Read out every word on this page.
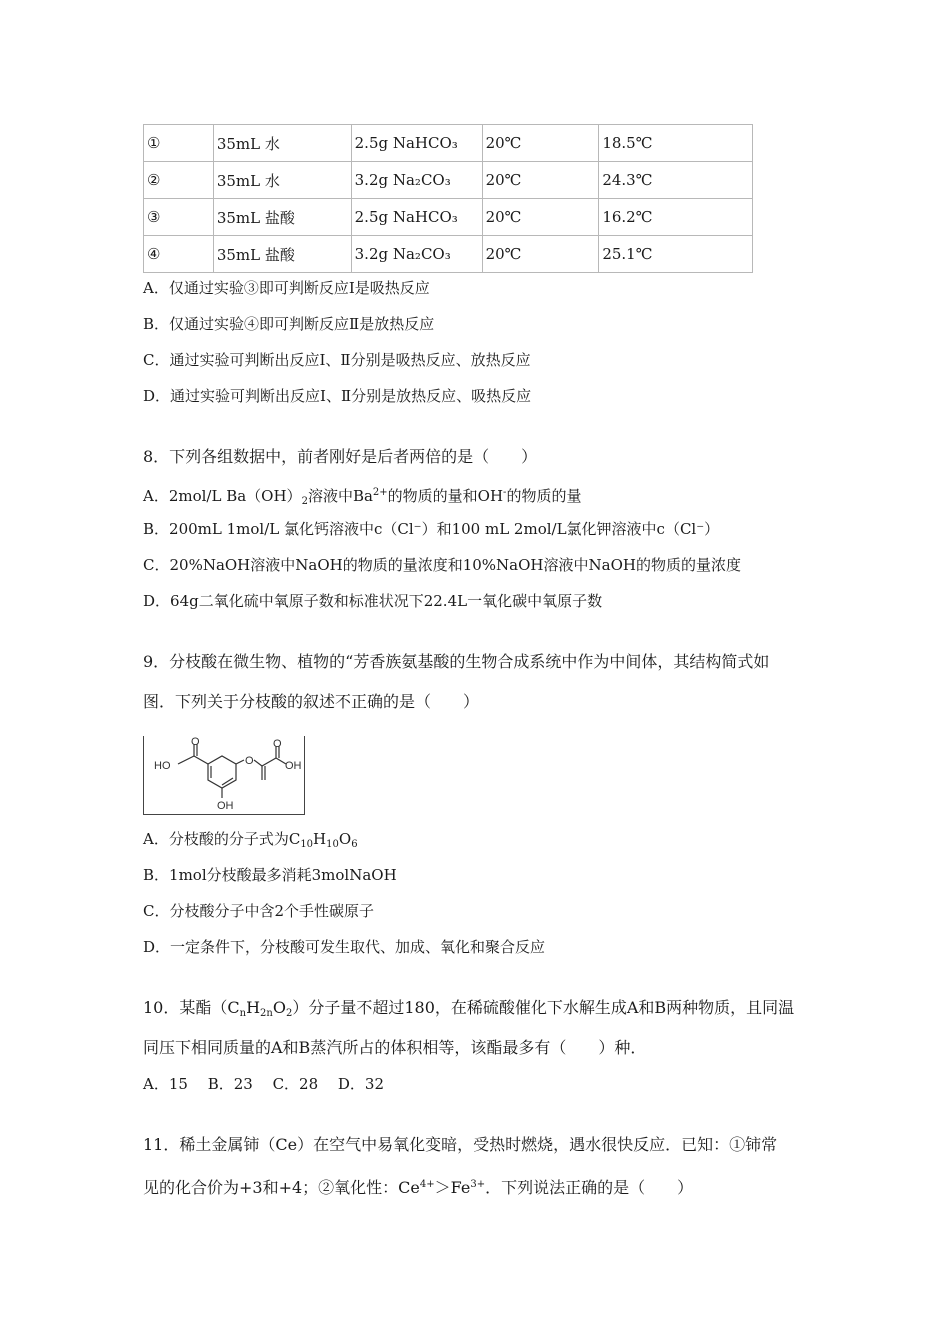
①	35mL 水	2.5g NaHCO₃	20℃	18.5℃
②	35mL 水	3.2g Na₂CO₃	20℃	24.3℃
③	35mL 盐酸	2.5g NaHCO₃	20℃	16.2℃
④	35mL 盐酸	3.2g Na₂CO₃	20℃	25.1℃
A．仅通过实验③即可判断反应Ⅰ是吸热反应
B．仅通过实验④即可判断反应Ⅱ是放热反应
C．通过实验可判断出反应Ⅰ、Ⅱ分别是吸热反应、放热反应
D．通过实验可判断出反应Ⅰ、Ⅱ分别是放热反应、吸热反应
8．下列各组数据中，前者刚好是后者两倍的是（　　）
A．2mol/L $Ba(OH)_2$溶液中$Ba^{2+}$的物质的量和OH-的物质的量
B．200mL 1mol/L 氯化钙溶液中c（Cl⁻）和100 mL 2mol/L氯化钾溶液中c（Cl⁻）
C．20%NaOH溶液中NaOH的物质的量浓度和10%NaOH溶液中NaOH的物质的量浓度
D．64g二氧化硫中氧原子数和标准状况下22.4L一氧化碳中氧原子数
9．分枝酸在微生物、植物的“芳香族氨基酸的生物合成系统中作为中间体，其结构简式如
图．下列关于分枝酸的叙述不正确的是（　　）
O
O
O
HO	OH
OH
A．分枝酸的分子式为$C_{10}H_{10}O_6$
B．1mol分枝酸最多消耗3molNaOH
C．分枝酸分子中含2个手性碳原子
D．一定条件下，分枝酸可发生取代、加成、氧化和聚合反应
10．某酯$(C_nH_{2n}O_2)$分子量不超过180，在稀硫酸催化下水解生成A和B两种物质，且同温
同压下相同质量的A和B蒸汽所占的体积相等，该酯最多有（　　）种．
A．15　 B．23　 C．28　 D．32
11．稀土金属铈（Ce）在空气中易氧化变暗，受热时燃烧，遇水很快反应．已知：①铈常
见的化合价为+3和+4；②氧化性：$Ce^{4+}>Fe^{3+}$．下列说法正确的是（　　）
